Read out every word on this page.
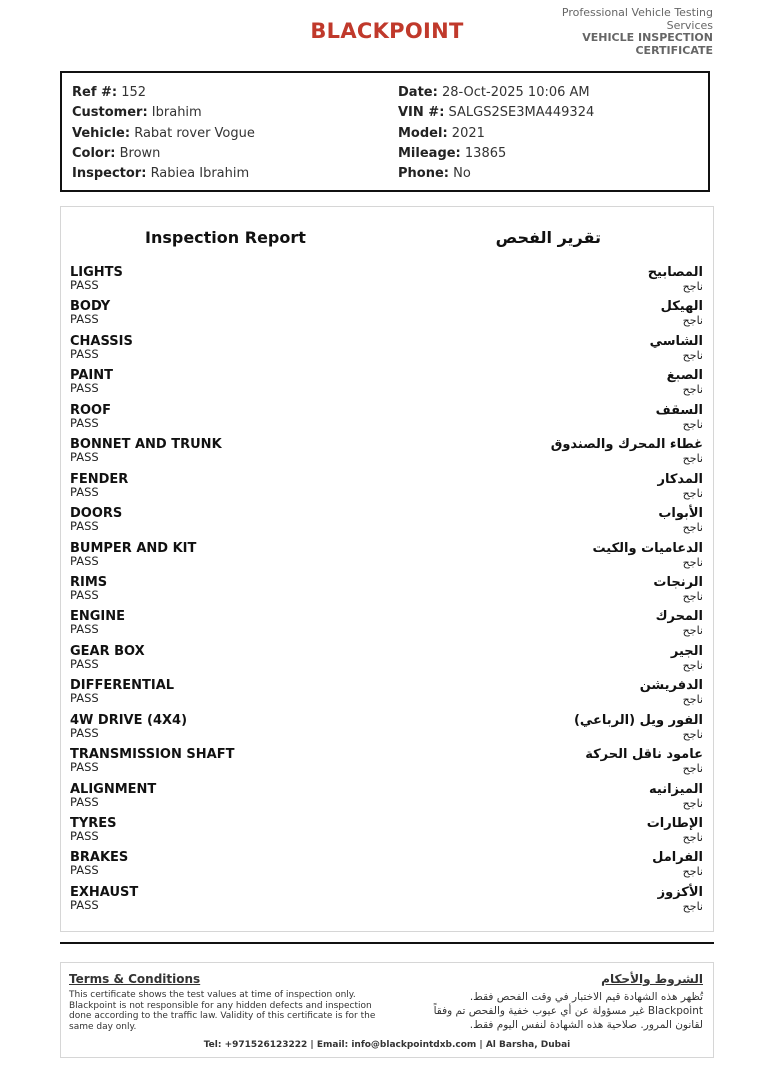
BLACKPOINT
Professional Vehicle Testing
Services
VEHICLE INSPECTION
CERTIFICATE
Ref #: 152
Customer: Ibrahim
Vehicle: Rabat rover Vogue
Color: Brown
Inspector: Rabiea Ibrahim
Date: 28-Oct-2025 10:06 AM
VIN #: SALGS2SE3MA449324
Model: 2021
Mileage: 13865
Phone: No
Inspection Report	تقرير الفحص
LIGHTS
PASS
المصابيح
ناجح
BODY
PASS
الهيكل
ناجح
CHASSIS
PASS
الشاسي
ناجح
PAINT
PASS
الصبغ
ناجح
ROOF
PASS
السقف
ناجح
BONNET AND TRUNK
PASS
غطاء المحرك والصندوق
ناجح
FENDER
PASS
المدكار
ناجح
DOORS
PASS
الأبواب
ناجح
BUMPER AND KIT
PASS
الدعاميات والكيت
ناجح
RIMS
PASS
الرنجات
ناجح
ENGINE
PASS
المحرك
ناجح
GEAR BOX
PASS
الجير
ناجح
DIFFERENTIAL
PASS
الدفريشن
ناجح
4W DRIVE (4X4)
PASS
الفور ويل (الرباعي)
ناجح
TRANSMISSION SHAFT
PASS
عامود ناقل الحركة
ناجح
ALIGNMENT
PASS
الميزانيه
ناجح
TYRES
PASS
الإطارات
ناجح
BRAKES
PASS
الفرامل
ناجح
EXHAUST
PASS
الأكزوز
ناجح
Terms & Conditions
This certificate shows the test values at time of inspection only. Blackpoint is not responsible for any hidden defects and inspection done according to the traffic law. Validity of this certificate is for the same day only.
الشروط والأحكام
تُظهر هذه الشهادة قيم الاختبار في وقت الفحص فقط.
Blackpoint غير مسؤولة عن أي عيوب خفية والفحص تم وفقاً
لقانون المرور. صلاحية هذه الشهادة لنفس اليوم فقط.
Tel: +971526123222 | Email: info@blackpointdxb.com | Al Barsha, Dubai
